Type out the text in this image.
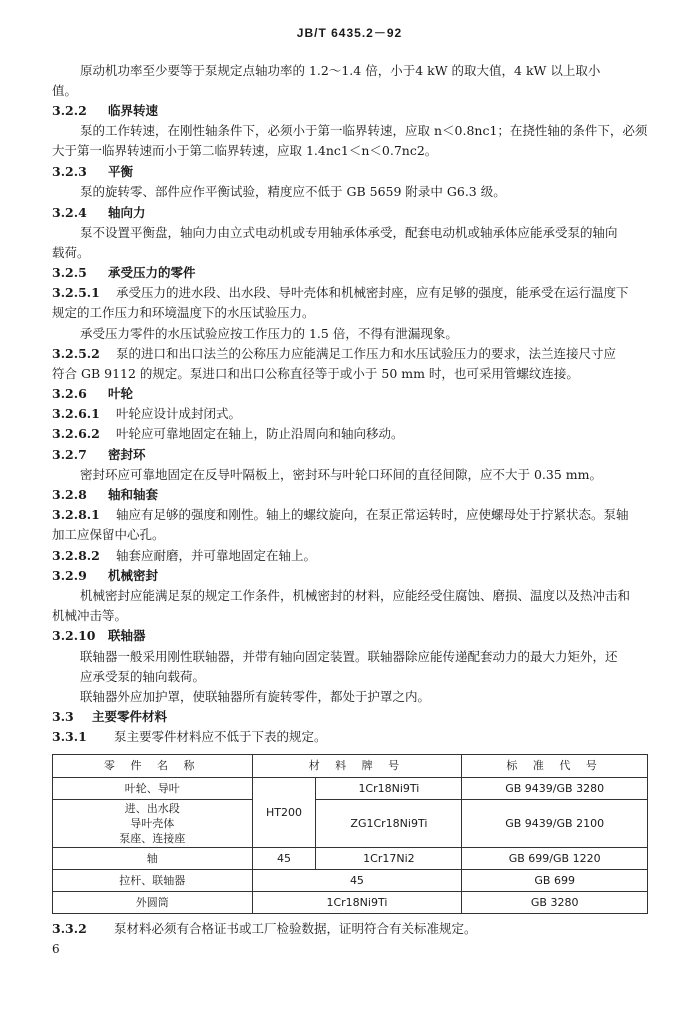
JB/T 6435.2－92
原动机功率至少要等于泵规定点轴功率的 1.2～1.4 倍，小于4 kW 的取大值，4 kW 以上取小
值。
3.2.2 临界转速
泵的工作转速，在刚性轴条件下，必须小于第一临界转速，应取 n＜0.8nc1；在挠性轴的条件下，必须
大于第一临界转速而小于第二临界转速，应取 1.4nc1＜n＜0.7nc2。
3.2.3 平衡
泵的旋转零、部件应作平衡试验，精度应不低于 GB 5659 附录中 G6.3 级。
3.2.4 轴向力
泵不设置平衡盘，轴向力由立式电动机或专用轴承体承受，配套电动机或轴承体应能承受泵的轴向
载荷。
3.2.5 承受压力的零件
3.2.5.1 承受压力的进水段、出水段、导叶壳体和机械密封座，应有足够的强度，能承受在运行温度下
规定的工作压力和环境温度下的水压试验压力。
承受压力零件的水压试验应按工作压力的 1.5 倍，不得有泄漏现象。
3.2.5.2 泵的进口和出口法兰的公称压力应能满足工作压力和水压试验压力的要求，法兰连接尺寸应
符合 GB 9112 的规定。泵进口和出口公称直径等于或小于 50 mm 时，也可采用管螺纹连接。
3.2.6 叶轮
3.2.6.1 叶轮应设计成封闭式。
3.2.6.2 叶轮应可靠地固定在轴上，防止沿周向和轴向移动。
3.2.7 密封环
密封环应可靠地固定在反导叶隔板上，密封环与叶轮口环间的直径间隙，应不大于 0.35 mm。
3.2.8 轴和轴套
3.2.8.1 轴应有足够的强度和刚性。轴上的螺纹旋向，在泵正常运转时，应使螺母处于拧紧状态。泵轴
加工应保留中心孔。
3.2.8.2 轴套应耐磨，并可靠地固定在轴上。
3.2.9 机械密封
机械密封应能满足泵的规定工作条件，机械密封的材料，应能经受住腐蚀、磨损、温度以及热冲击和
机械冲击等。
3.2.10 联轴器
联轴器一般采用刚性联轴器，并带有轴向固定装置。联轴器除应能传递配套动力的最大力矩外，还
应承受泵的轴向载荷。
联轴器外应加护罩，使联轴器所有旋转零件，都处于护罩之内。
3.3 主要零件材料
3.3.1 泵主要零件材料应不低于下表的规定。
零 件 名 称	材 料 牌 号		标 准 代 号
叶轮、导叶	HT200	1Cr18Ni9Ti	GB 9439/GB 3280

进、出水段
导叶壳体
泵座、连接座		ZG1Cr18Ni9Ti	GB 9439/GB 2100
轴	45	1Cr17Ni2	GB 699/GB 1220
拉杆、联轴器	45		GB 699
外圆筒	1Cr18Ni9Ti		GB 3280
3.3.2 泵材料必须有合格证书或工厂检验数据，证明符合有关标准规定。
6
